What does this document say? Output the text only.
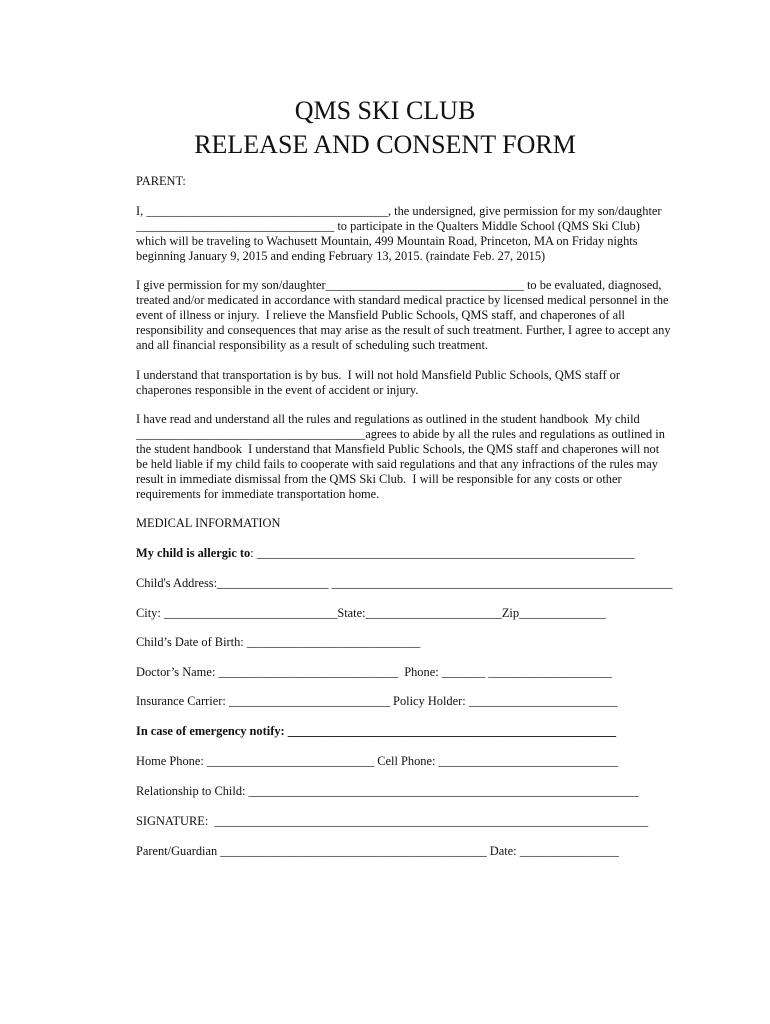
QMS SKI CLUB
RELEASE AND CONSENT FORM
PARENT:
I, _______________________________________, the undersigned, give permission for my son/daughter
________________________________ to participate in the Qualters Middle School (QMS Ski Club)
which will be traveling to Wachusett Mountain, 499 Mountain Road, Princeton, MA on Friday nights
beginning January 9, 2015 and ending February 13, 2015. (raindate Feb. 27, 2015)
I give permission for my son/daughter________________________________ to be evaluated, diagnosed,
treated and/or medicated in accordance with standard medical practice by licensed medical personnel in the
event of illness or injury.  I relieve the Mansfield Public Schools, QMS staff, and chaperones of all
responsibility and consequences that may arise as the result of such treatment. Further, I agree to accept any
and all financial responsibility as a result of scheduling such treatment.
I understand that transportation is by bus.  I will not hold Mansfield Public Schools, QMS staff or
chaperones responsible in the event of accident or injury.
I have read and understand all the rules and regulations as outlined in the student handbook  My child
_____________________________________agrees to abide by all the rules and regulations as outlined in
the student handbook  I understand that Mansfield Public Schools, the QMS staff and chaperones will not
be held liable if my child fails to cooperate with said regulations and that any infractions of the rules may
result in immediate dismissal from the QMS Ski Club.  I will be responsible for any costs or other
requirements for immediate transportation home.
MEDICAL INFORMATION
My child is allergic to: _____________________________________________________________
Child's Address:__________________ _______________________________________________________
City: ____________________________State:______________________Zip______________
Child’s Date of Birth: ____________________________
Doctor’s Name: _____________________________  Phone: _______ ____________________
Insurance Carrier: __________________________ Policy Holder: ________________________
In case of emergency notify: _____________________________________________________
Home Phone: ___________________________ Cell Phone: _____________________________
Relationship to Child: _______________________________________________________________
SIGNATURE:  ______________________________________________________________________
Parent/Guardian ___________________________________________ Date: ________________
